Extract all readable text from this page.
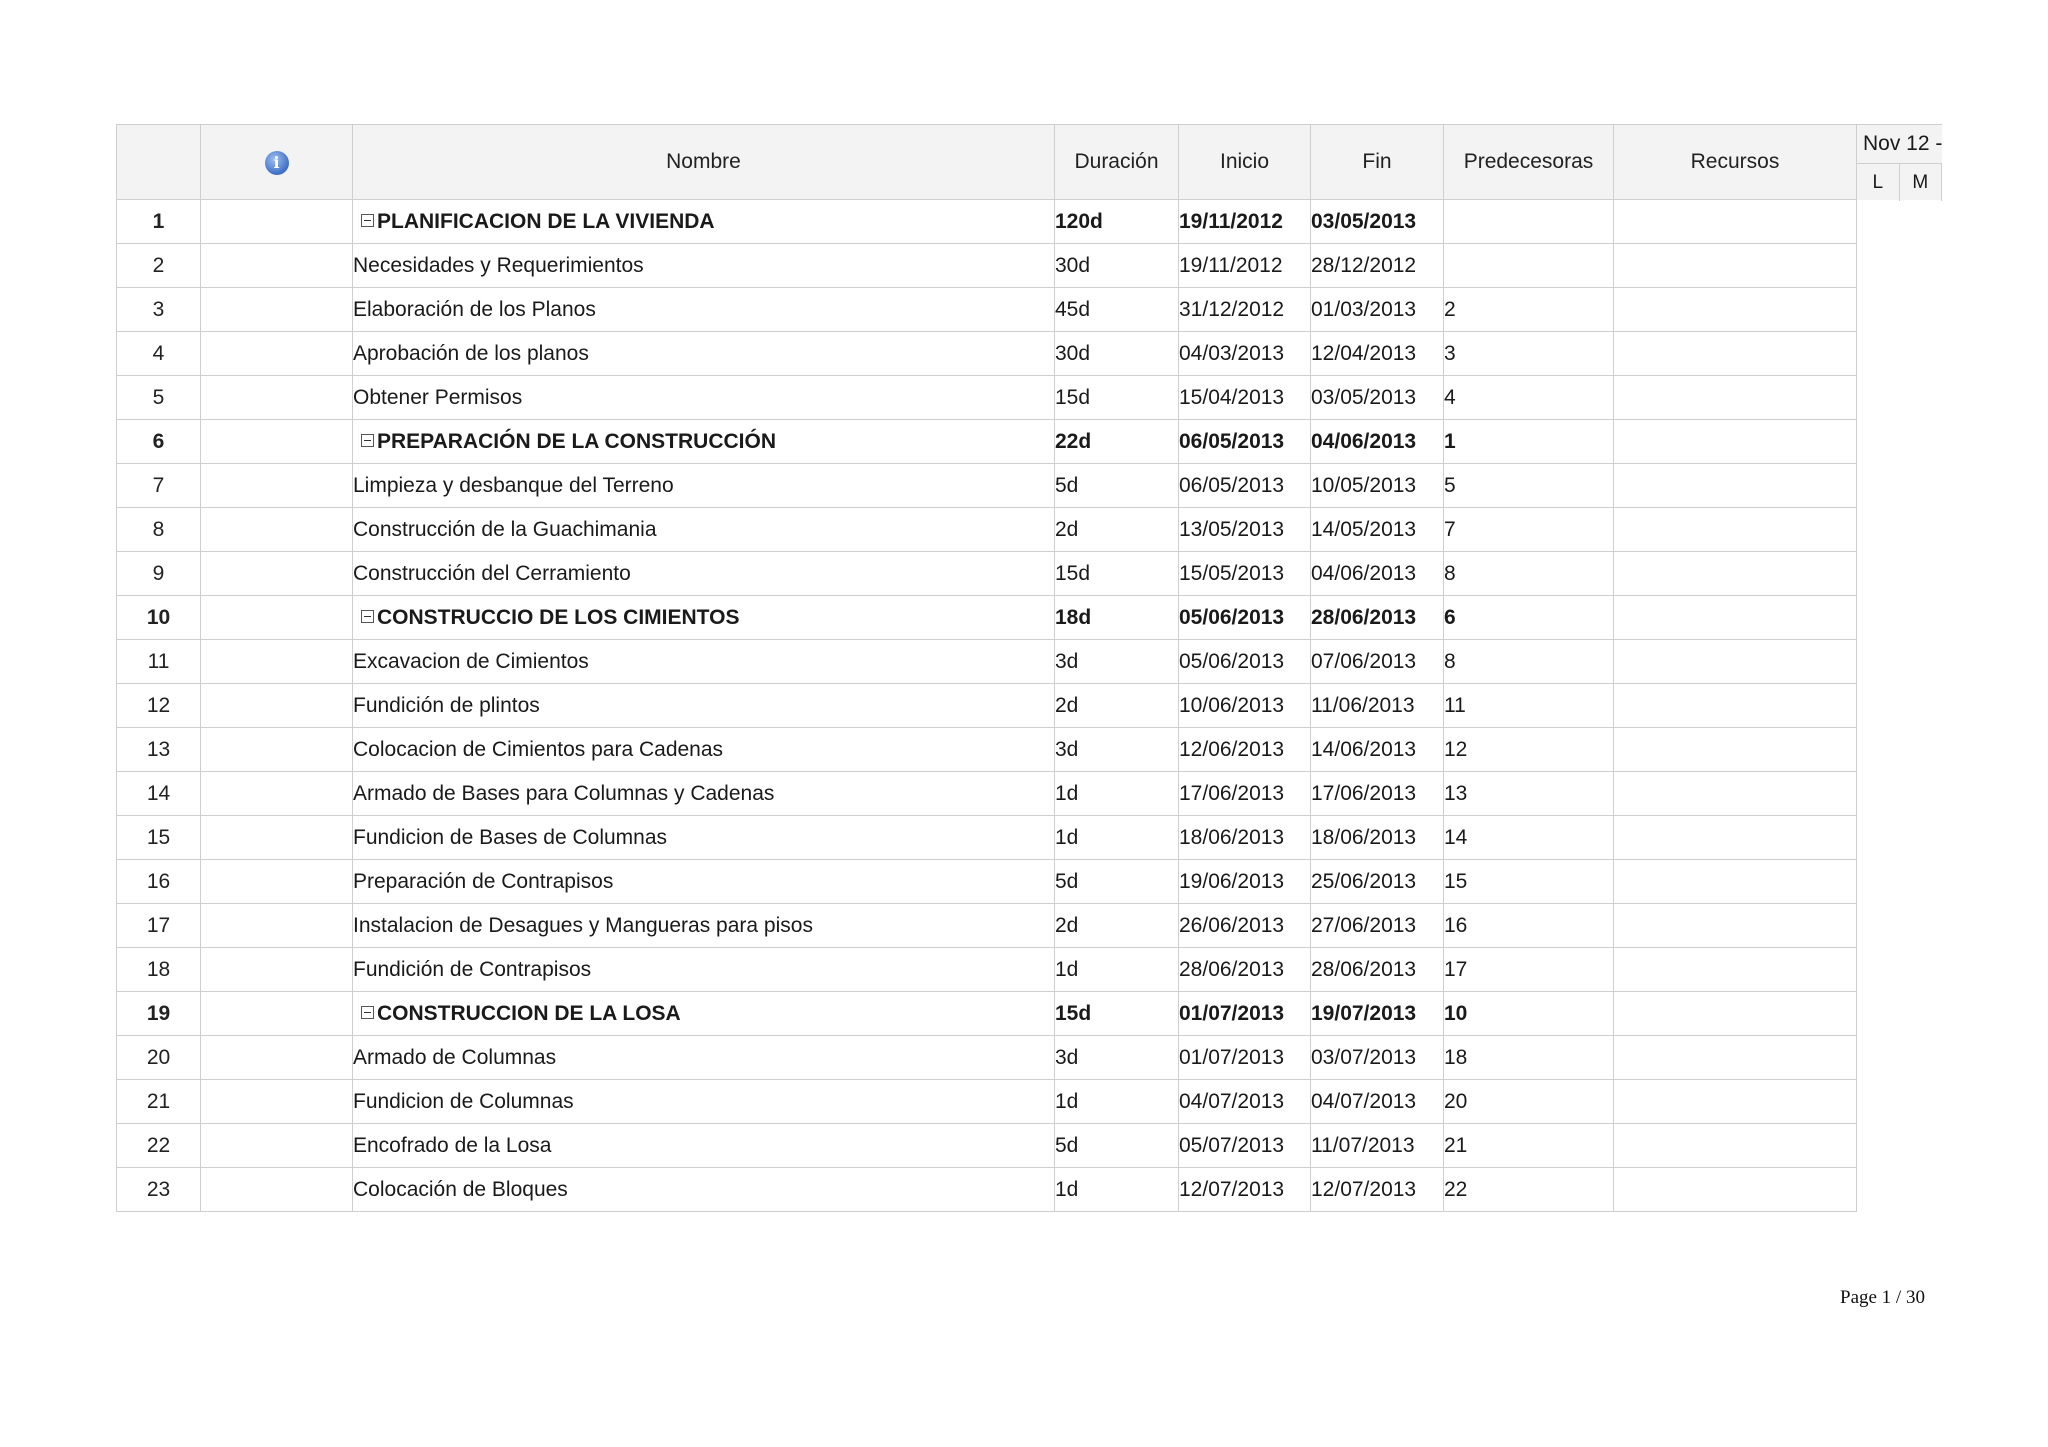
	i	Nombre	Duración	Inicio	Fin	Predecesoras	Recursos
1		PLANIFICACION DE LA VIVIENDA	120d	19/11/2012	03/05/2013		
2		Necesidades y Requerimientos	30d	19/11/2012	28/12/2012		
3		Elaboración de los Planos	45d	31/12/2012	01/03/2013	2	
4		Aprobación de los planos	30d	04/03/2013	12/04/2013	3	
5		Obtener Permisos	15d	15/04/2013	03/05/2013	4	
6		PREPARACIÓN DE LA CONSTRUCCIÓN	22d	06/05/2013	04/06/2013	1	
7		Limpieza y desbanque del Terreno	5d	06/05/2013	10/05/2013	5	
8		Construcción de la Guachimania	2d	13/05/2013	14/05/2013	7	
9		Construcción del Cerramiento	15d	15/05/2013	04/06/2013	8	
10		CONSTRUCCIO DE LOS CIMIENTOS	18d	05/06/2013	28/06/2013	6	
11		Excavacion de Cimientos	3d	05/06/2013	07/06/2013	8	
12		Fundición de plintos	2d	10/06/2013	11/06/2013	11	
13		Colocacion de Cimientos para Cadenas	3d	12/06/2013	14/06/2013	12	
14		Armado de Bases para Columnas y Cadenas	1d	17/06/2013	17/06/2013	13	
15		Fundicion de Bases de Columnas	1d	18/06/2013	18/06/2013	14	
16		Preparación de Contrapisos	5d	19/06/2013	25/06/2013	15	
17		Instalacion de Desagues y Mangueras para pisos	2d	26/06/2013	27/06/2013	16	
18		Fundición de Contrapisos	1d	28/06/2013	28/06/2013	17	
19		CONSTRUCCION DE LA LOSA	15d	01/07/2013	19/07/2013	10	
20		Armado de Columnas	3d	01/07/2013	03/07/2013	18	
21		Fundicion de Columnas	1d	04/07/2013	04/07/2013	20	
22		Encofrado de la Losa	5d	05/07/2013	11/07/2013	21	
23		Colocación de Bloques	1d	12/07/2013	12/07/2013	22	
Nov 12 -
L	M
Page 1 / 30
